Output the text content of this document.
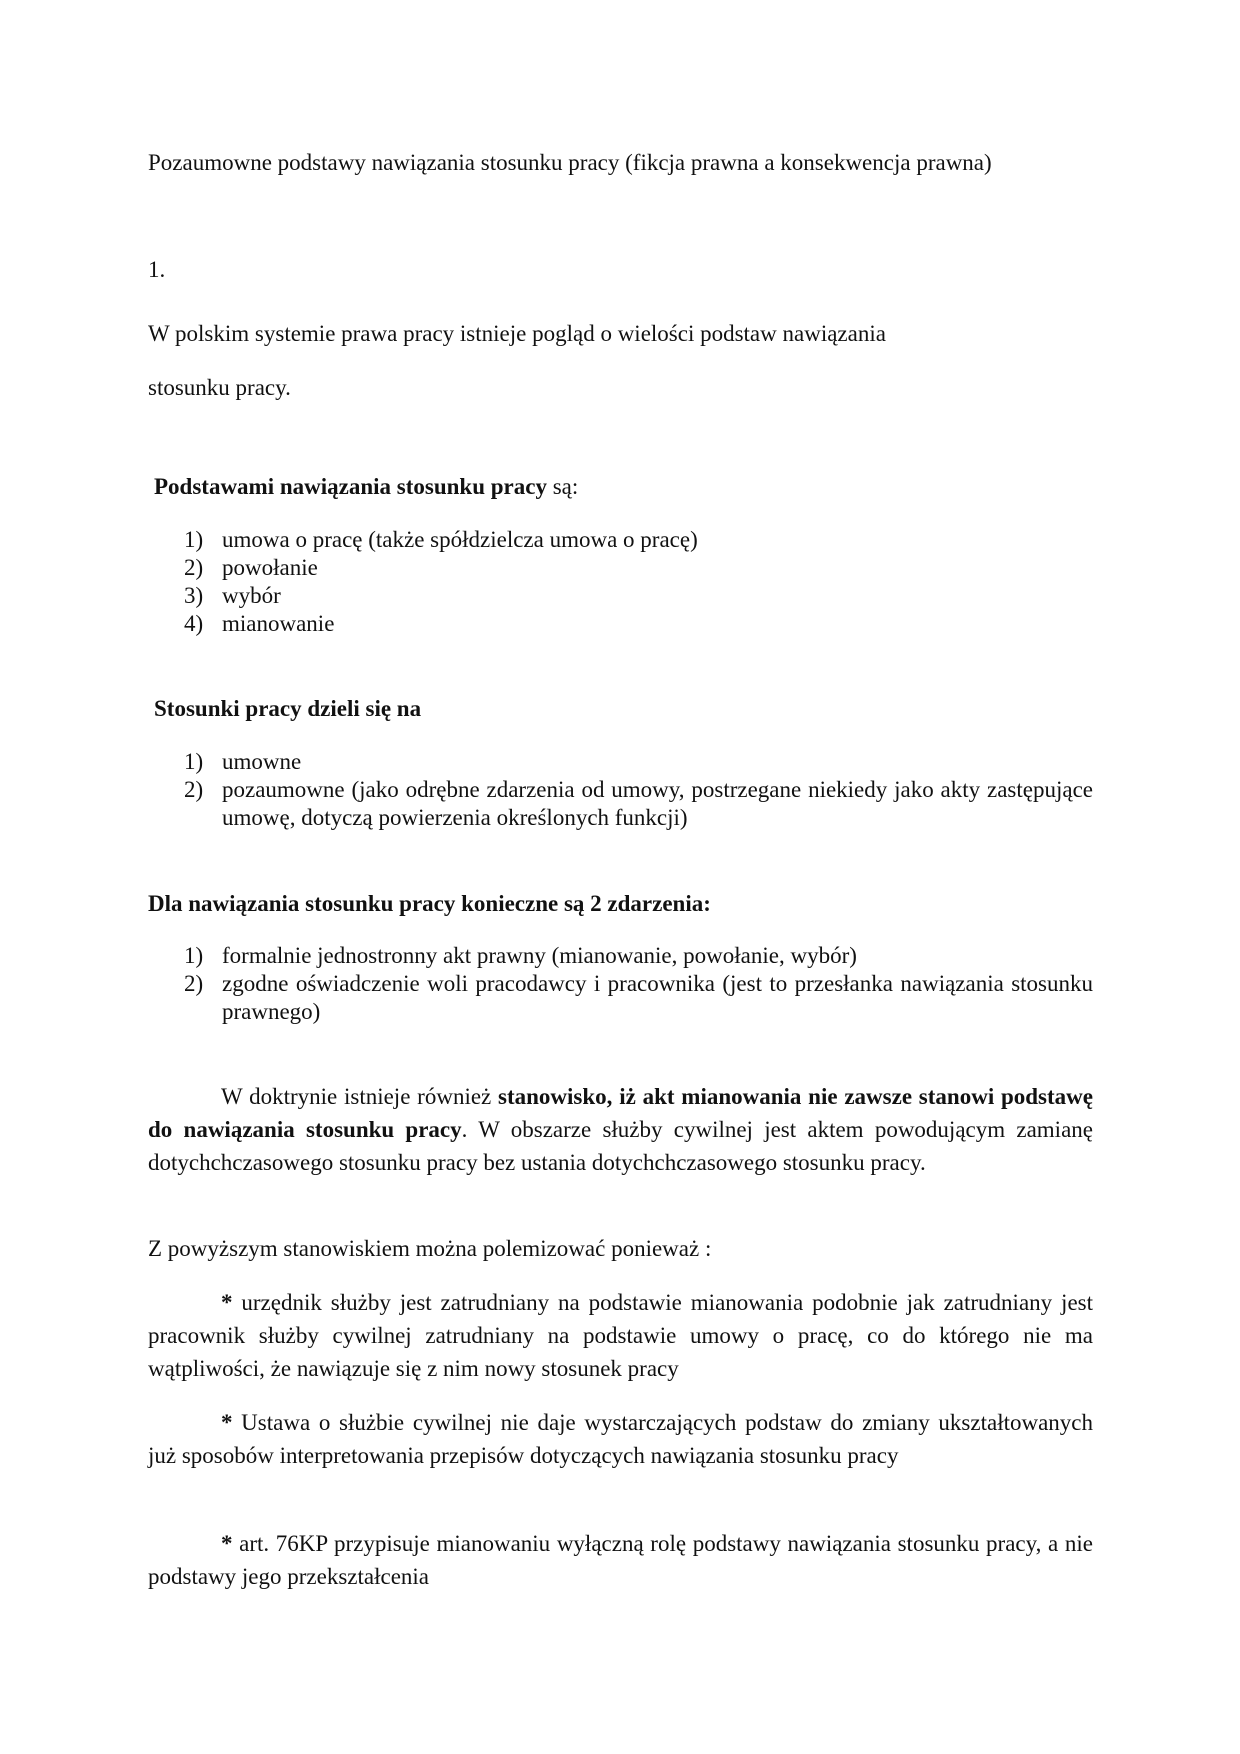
Pozaumowne podstawy nawiązania stosunku pracy (fikcja prawna a konsekwencja prawna)
1.
W polskim systemie prawa pracy istnieje pogląd o wielości podstaw nawiązania
stosunku pracy.
Podstawami nawiązania stosunku pracy są:
1) umowa o pracę (także spółdzielcza umowa o pracę)
2) powołanie
3) wybór
4) mianowanie
Stosunki pracy dzieli się na
1) umowne
2) pozaumowne (jako odrębne zdarzenia od umowy, postrzegane niekiedy jako akty zastępujące umowę, dotyczą powierzenia określonych funkcji)
Dla nawiązania stosunku pracy konieczne są 2 zdarzenia:
1) formalnie jednostronny akt prawny (mianowanie, powołanie, wybór)
2) zgodne oświadczenie woli pracodawcy i pracownika (jest to przesłanka nawiązania stosunku prawnego)
W doktrynie istnieje również stanowisko, iż akt mianowania nie zawsze stanowi podstawę do nawiązania stosunku pracy. W obszarze służby cywilnej jest aktem powodującym zamianę dotychchczasowego stosunku pracy bez ustania dotychchczasowego stosunku pracy.
Z powyższym stanowiskiem można polemizować ponieważ :
* urzędnik służby jest zatrudniany na podstawie mianowania podobnie jak zatrudniany jest pracownik służby cywilnej zatrudniany na podstawie umowy o pracę, co do którego nie ma wątpliwości, że nawiązuje się z nim nowy stosunek pracy
* Ustawa o służbie cywilnej nie daje wystarczających podstaw do zmiany ukształtowanych już sposobów interpretowania przepisów dotyczących nawiązania stosunku pracy
* art. 76KP przypisuje mianowaniu wyłączną rolę podstawy nawiązania stosunku pracy, a nie podstawy jego przekształcenia
